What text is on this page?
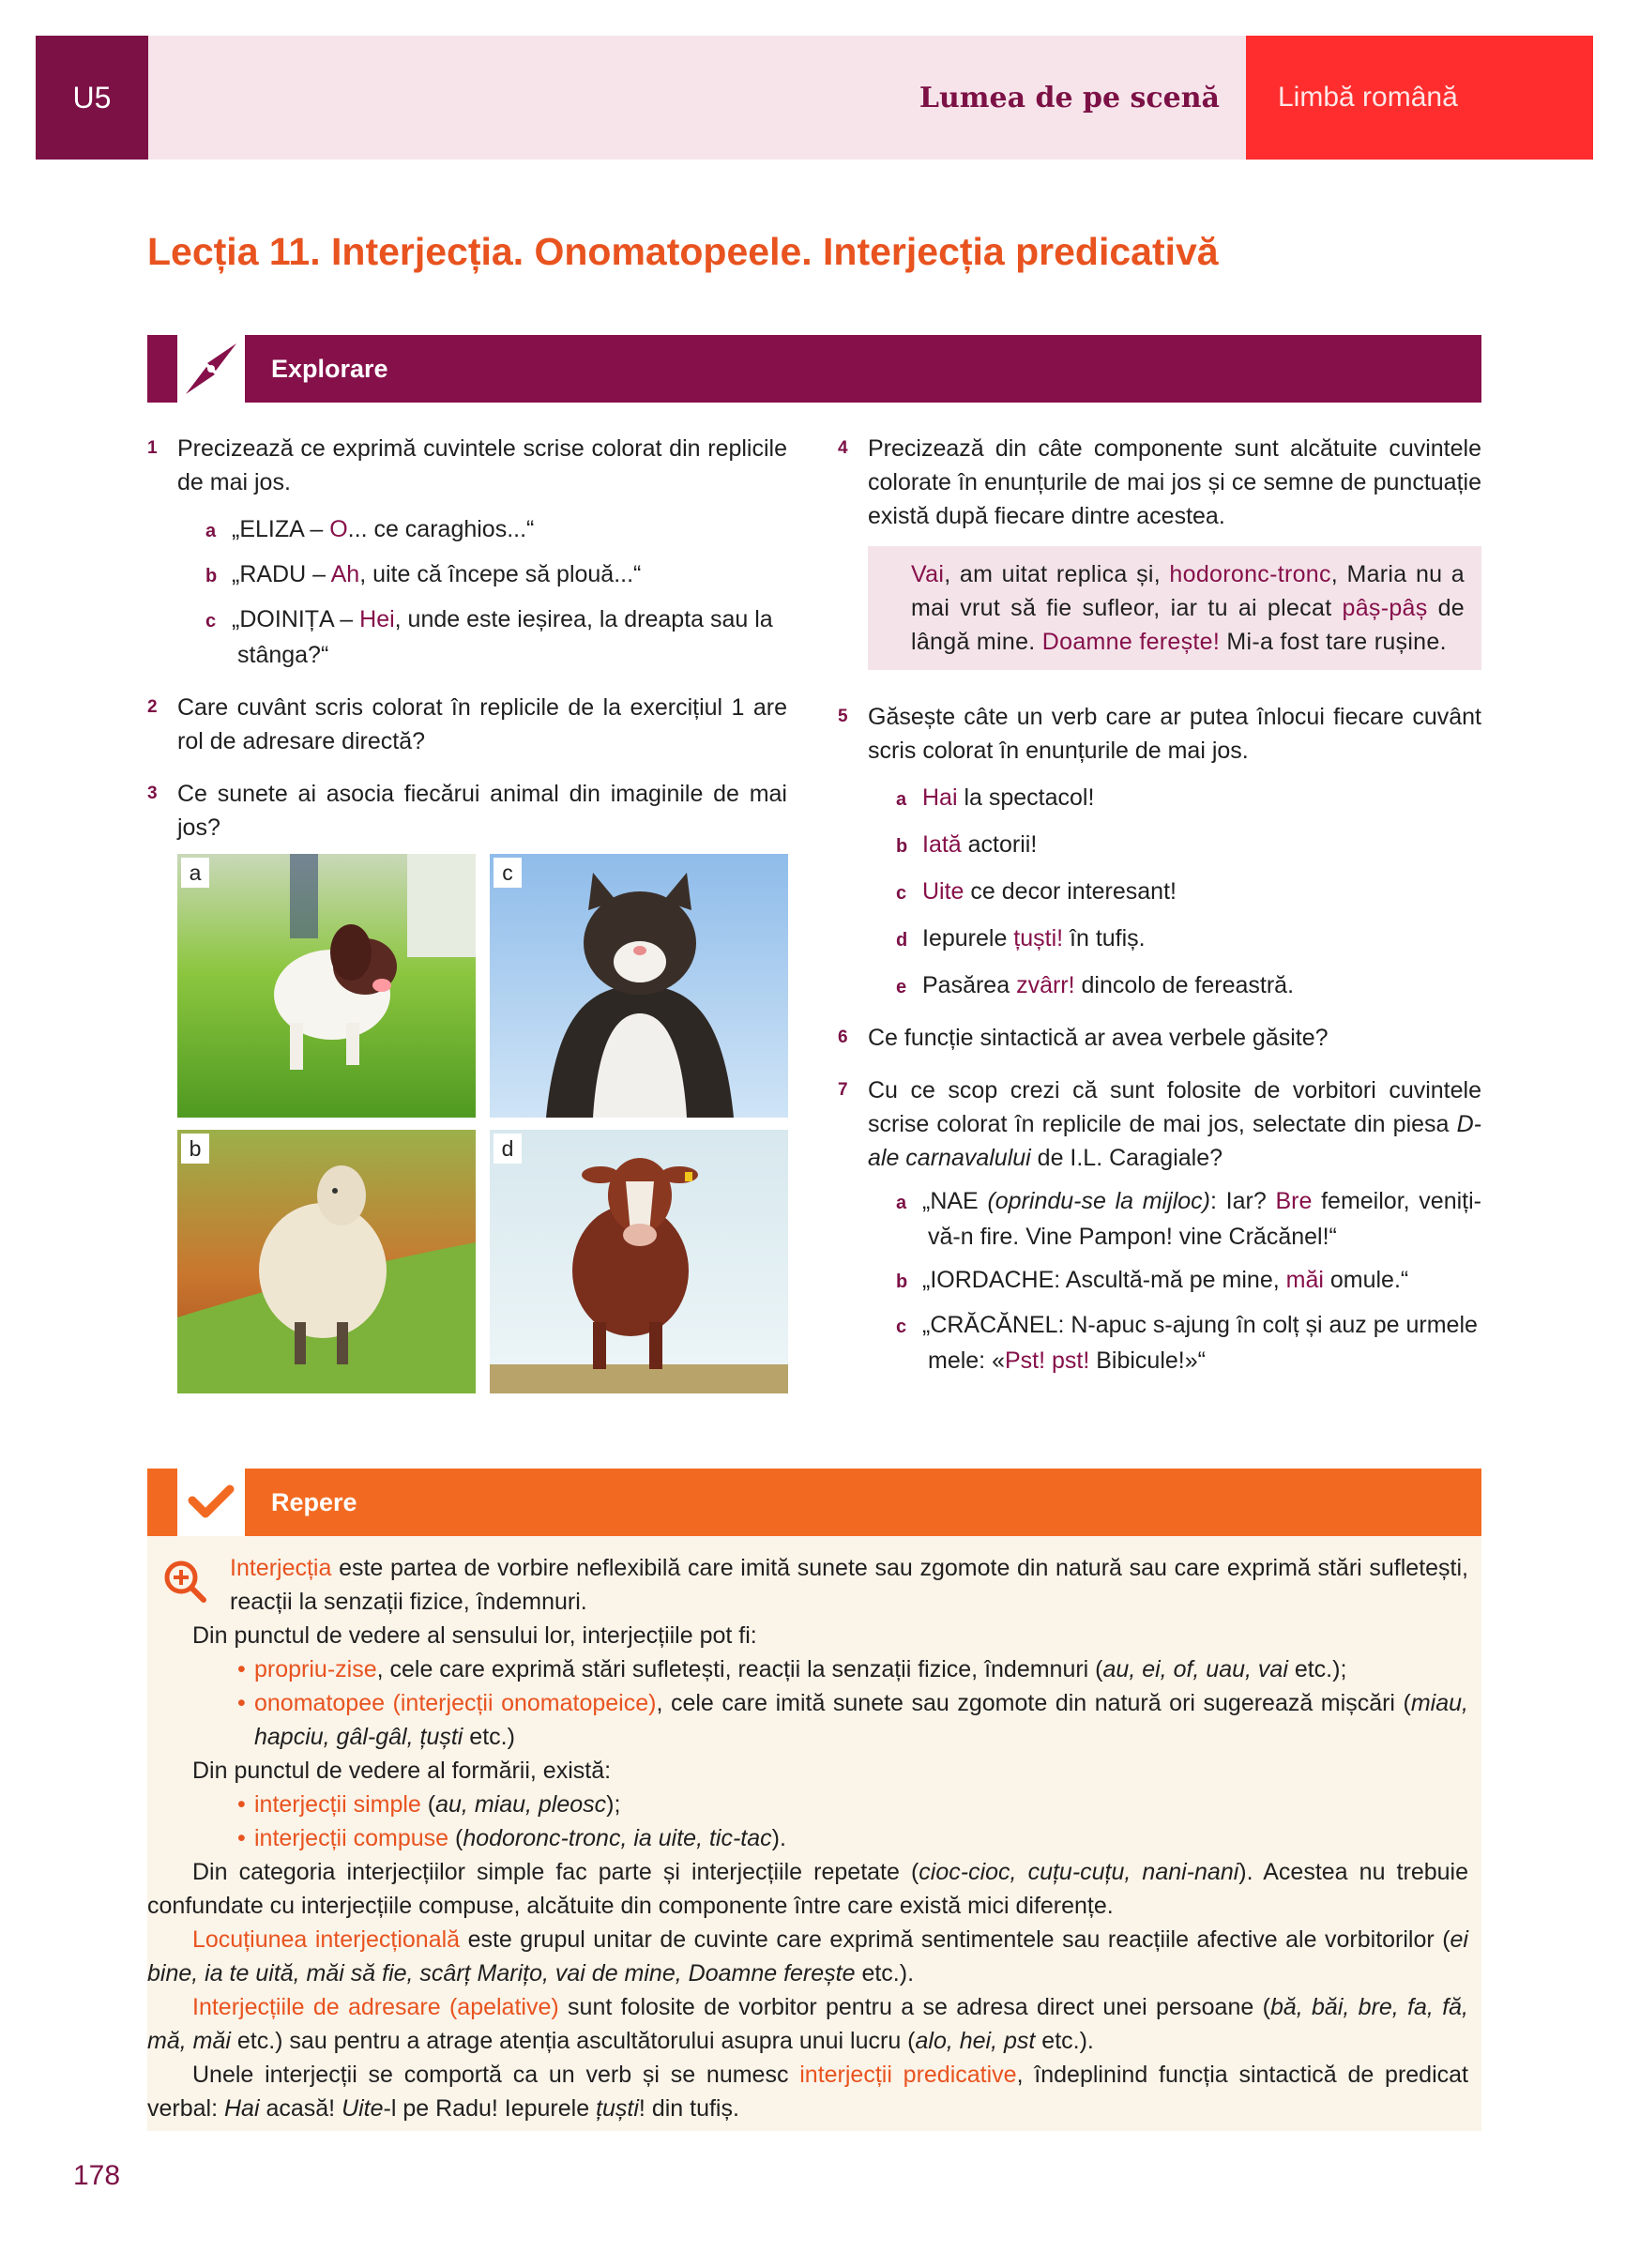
U5	Lumea de pe scenă	Limbă română
Lecția 11. Interjecția. Onomatopeele. Interjecția predicativă
Explorare
1 Precizează ce exprimă cuvintele scrise colorat din replicile de mai jos.
a „ELIZA – O... ce caraghios...“
b „RADU – Ah, uite că începe să plouă...“
c „DOINIȚA – Hei, unde este ieșirea, la dreapta sau la stânga?“
2 Care cuvânt scris colorat în replicile de la exercițiul 1 are rol de adresare directă?
3 Ce sunete ai asocia fiecărui animal din imaginile de mai jos?
a	c
b	d
4 Precizează din câte componente sunt alcătuite cuvintele colorate în enunțurile de mai jos și ce semne de punctuație există după fiecare dintre acestea.
Vai, am uitat replica și, hodoronc-tronc, Maria nu a mai vrut să fie sufleor, iar tu ai plecat pâș-pâș de lângă mine. Doamne ferește! Mi-a fost tare rușine.
5 Găsește câte un verb care ar putea înlocui fiecare cuvânt scris colorat în enunțurile de mai jos.
a Hai la spectacol!
b Iată actorii!
c Uite ce decor interesant!
d Iepurele țuști! în tufiș.
e Pasărea zvârr! dincolo de fereastră.
6 Ce funcție sintactică ar avea verbele găsite?
7 Cu ce scop crezi că sunt folosite de vorbitori cuvintele scrise colorat în replicile de mai jos, selectate din piesa D-ale carnavalului de I.L. Caragiale?
a „NAE (oprindu-se la mijloc): Iar? Bre femeilor, veniți-vă-n fire. Vine Pampon! vine Crăcănel!“
b „IORDACHE: Ascultă-mă pe mine, măi omule.“
c „CRĂCĂNEL: N-apuc s-ajung în colț și auz pe urmele mele: «Pst! pst! Bibicule!»“
Repere

Interjecția este partea de vorbire neflexibilă care imită sunete sau zgomote din natură sau care exprimă stări sufletești, reacții la senzații fizice, îndemnuri.

Din punctul de vedere al sensului lor, interjecțiile pot fi:

• propriu-zise, cele care exprimă stări sufletești, reacții la senzații fizice, îndemnuri (au, ei, of, uau, vai etc.);

• onomatopee (interjecții onomatopeice), cele care imită sunete sau zgomote din natură ori sugerează mișcări (miau, hapciu, gâl-gâl, țuști etc.)

Din punctul de vedere al formării, există:

• interjecții simple (au, miau, pleosc);

• interjecții compuse (hodoronc-tronc, ia uite, tic-tac).

Din categoria interjecțiilor simple fac parte și interjecțiile repetate (cioc-cioc, cuțu-cuțu, nani-nani). Acestea nu trebuie confundate cu interjecțiile compuse, alcătuite din componente între care există mici diferențe.

Locuțiunea interjecțională este grupul unitar de cuvinte care exprimă sentimentele sau reacțiile afective ale vorbitorilor (ei bine, ia te uită, măi să fie, scârț Marițo, vai de mine, Doamne ferește etc.).

Interjecțiile de adresare (apelative) sunt folosite de vorbitor pentru a se adresa direct unei persoane (bă, băi, bre, fa, fă, mă, măi etc.) sau pentru a atrage atenția ascultătorului asupra unui lucru (alo, hei, pst etc.).

Unele interjecții se comportă ca un verb și se numesc interjecții predicative, îndeplinind funcția sintactică de predicat verbal: Hai acasă! Uite-l pe Radu! Iepurele țuști! din tufiș.

178
